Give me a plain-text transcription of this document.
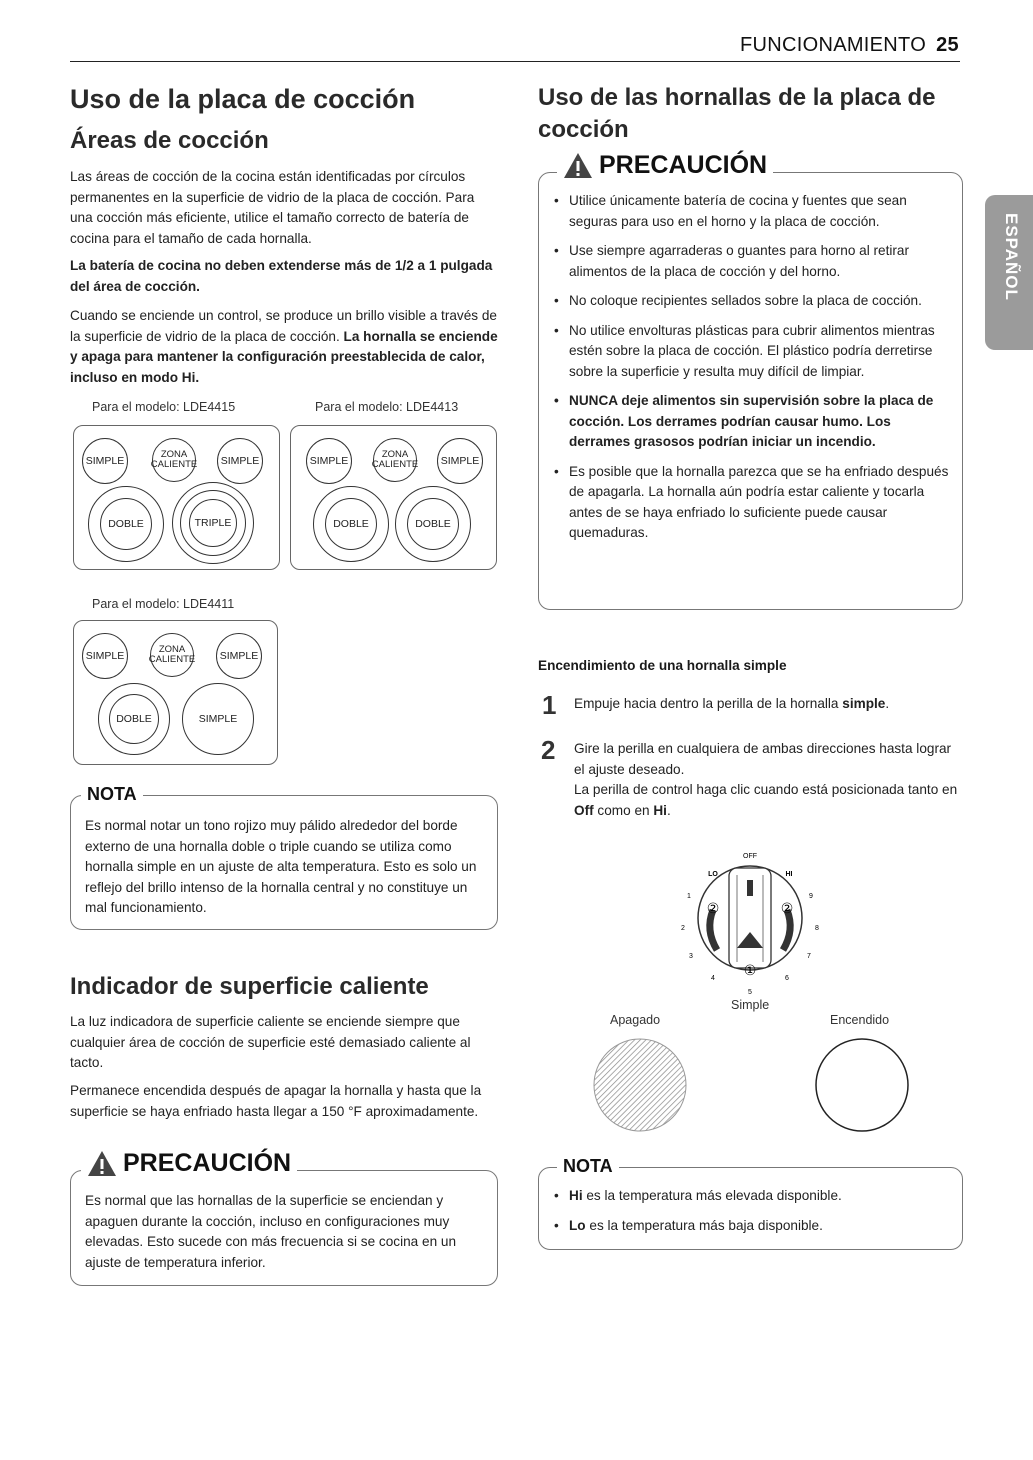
FUNCIONAMIENTO 25
ESPAÑOL
Uso de la placa de cocción
Áreas de cocción

Las áreas de cocción de la cocina están identificadas por círculos permanentes en la superficie de vidrio de la placa de cocción. Para una cocción más eficiente, utilice el tamaño correcto de batería de cocina para el tamaño de cada hornalla.

La batería de cocina no deben extenderse más de 1/2 a 1 pulgada del área de cocción.

Cuando se enciende un control, se produce un brillo visible a través de la superficie de vidrio de la placa de cocción. La hornalla se enciende y apaga para mantener la configuración preestablecida de calor, incluso en modo Hi.

Para el modelo: LDE4415	Para el modelo: LDE4413
SIMPLE
ZONA CALIENTE	SIMPLE
DOBLE	TRIPLE
SIMPLE
ZONA CALIENTE	SIMPLE
DOBLE	DOBLE
Para el modelo: LDE4411
SIMPLE
ZONA CALIENTE	SIMPLE
DOBLE	SIMPLE
NOTA

Es normal notar un tono rojizo muy pálido alrededor del borde externo de una hornalla doble o triple cuando se utiliza como hornalla simple en un ajuste de alta temperatura. Esto es solo un reflejo del brillo intenso de la hornalla central y no constituye un mal funcionamiento.

Indicador de superficie caliente

La luz indicadora de superficie caliente se enciende siempre que cualquier área de cocción de superficie esté demasiado caliente al tacto.

Permanece encendida después de apagar la hornalla y hasta que la superficie se haya enfriado hasta llegar a 150 °F aproximadamente.

PRECAUCIÓN

Es normal que las hornallas de la superficie se enciendan y apaguen durante la cocción, incluso en configuraciones muy elevadas. Esto sucede con más frecuencia si se cocina en un ajuste de temperatura inferior.

Uso de las hornallas de la placa de
cocción
PRECAUCIÓN
• Utilice únicamente batería de cocina y fuentes que sean seguras para uso en el horno y la placa de cocción.
• Use siempre agarraderas o guantes para horno al retirar alimentos de la placa de cocción y del horno.
• No coloque recipientes sellados sobre la placa de cocción.
• No utilice envolturas plásticas para cubrir alimentos mientras estén sobre la placa de cocción. El plástico podría derretirse sobre la superficie y resulta muy difícil de limpiar.
• NUNCA deje alimentos sin supervisión sobre la placa de cocción. Los derrames podrían causar humo. Los derrames grasosos podrían iniciar un incendio.
• Es posible que la hornalla parezca que se ha enfriado después de apagarla. La hornalla aún podría estar caliente y tocarla antes de se haya enfriado lo suficiente puede causar quemaduras.
Encendimiento de una hornalla simple
1 Empuje hacia dentro la perilla de la hornalla simple.

2 Gire la perilla en cualquiera de ambas direcciones hasta lograr el ajuste deseado.

La perilla de control haga clic cuando está posicionada tanto en Off como en Hi.

OFF
LO	HI
1
2
3
4
5
6
7
8
9
②	②
①
Simple
Apagado	Encendido
NOTA
• Hi es la temperatura más elevada disponible.
• Lo es la temperatura más baja disponible.
